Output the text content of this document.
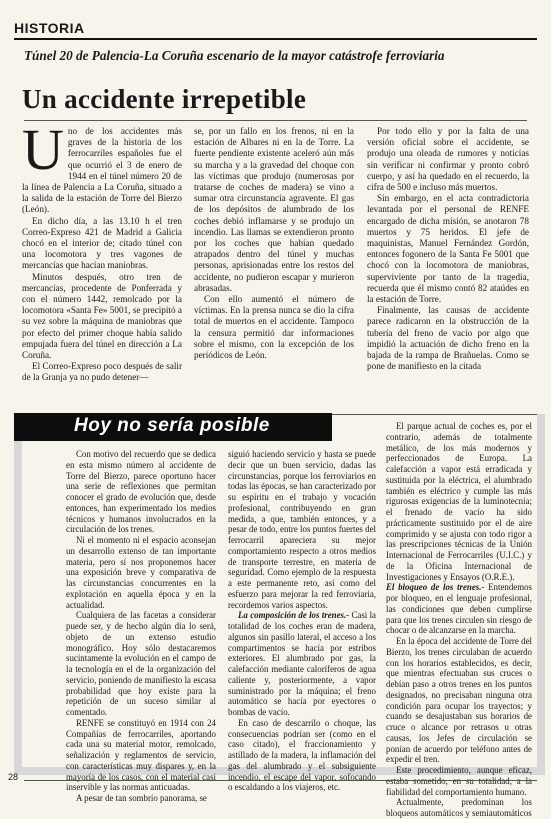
HISTORIA
Túnel 20 de Palencia-La Coruña escenario de la mayor catástrofe ferroviaria
Un accidente irrepetible
U no de los accidentes más graves de la historia de los ferrocarriles españoles fue el que ocurrió el 3 de enero de 1944 en el túnel número 20 de la línea de Palencia a La Coruña, situado a la salida de la estación de Torre del Bierzo (León).

En dicho día, a las 13.10 h el tren Correo-Expreso 421 de Madrid a Galicia chocó en el interior de; citado túnel con una locomotora y tres vagones de mercancías que hacían maniobras.

Minutos después, otro tren de mercancías, procedente de Ponferrada y con el número 1442, remolcado por la locomotora «Santa Fe» 5001, se precipitó a su vez sobre la máquina de maniobras que por efecto del primer choque había salido empujada fuera del túnel en dirección a La Coruña.

El Correo-Expreso poco después de salir de la Granja ya no pudo detener—

se, por un fallo en los frenos, ni en la estación de Albares ni en la de Torre. La fuerte pendiente existente aceleró aún más su marcha y a la gravedad del choque con las víctimas que produjo (numerosas por tratarse de coches de madera) se vino a sumar otra circunstancia agravente. El gas de los depósitos de alumbrado de los coches debió inflamarse y se produjo un incendio. Las llamas se extendieron pronto por los coches que habían quedado atrapados dentro del túnel y muchas personas, aprisionadas entre los restos del accidente, no pudieron escapar y murieron abrasadas.

Con ello aumentó el número de víctimas. En la prensa nunca se dio la cifra total de muertos en el accidente. Tampoco la censura permitió dar informaciones sobre el mismo, con la excepción de los periódicos de León.

Por todo ello y por la falta de una versión oficial sobre el accidente, se produjo una oleada de rumores y noticias sin verificar ni confirmar y pronto cobró cuerpo, y así ha quedado en el recuerdo, la cifra de 500 e incluso más muertos.

Sin embargo, en el acta contradictoria levantada por el personal de RENFE encargado de dicha misión, se anotaron 78 muertos y 75 heridos. El jefe de maquinistas, Manuel Fernández Gordón, entonces fogonero de la Santa Fe 5001 que chocó con la locomotora de maniobras, superviviente por tanto de la tragedia, recuerda que él mismo contó 82 ataúdes en la estación de Torre.

Finalmente, las causas de accidente parece radicaron en la obstrucción de la tubería del freno de vacío por algo que impidió la actuación de dicho freno en la bajada de la rampa de Brañuelas. Como se pone de manifiesto en la citada

Hoy no sería posible

Con motivo del recuerdo que se dedica en esta mismo número al accidente de Torre del Bierzo, parece oportuno hacer una serie de reflexiones que permitan conocer el grado de evolución que, desde entonces, han experimentado los medios técnicos y humanos involucrados en la circulación de los trenes.

Ni el momento ni el espacio aconsejan un desarrollo extenso de tan importante materia, pero sí nos proponemos hacer una exposición breve y comparativa de las circunstancias concurrentes en la explotación en aquella época y en la actualidad.

Cualquiera de las facetas a considerar puede ser, y de hecho algún día lo será, objeto de un extenso estudio monográfico. Hoy sólo destacaremos sucintamente la evolución en el campo de la tecnología en el de la organización del servicio, poniendo de manifiesto la escasa probabilidad que hoy existe para la repetición de un suceso similar al comentado.

RENFE se constituyó en 1914 con 24 Compañías de ferrocarriles, aportando cada una su material motor, remolcado, señalización y reglamentos de servicio, con características muy dispares y, en la mayoría de los casos, con el material casi inservible y las normas anticuadas.

A pesar de tan sombrío panorama, se

siguió haciendo servicio y hasta se puede decir que un buen servicio, dadas las circunstancias, porque los ferroviarios en todas las épocas, se han caracterizado por su espíritu en el trabajo y vocación profesional, contribuyendo en gran medida, a que, también entonces, y a pesar de todo, entre los puntos fuertes del ferrocarril apareciera su mejor comportamiento respecto a otros medios de transporte terrestre, en materia de seguridad. Como ejemplo de la respuesta a este permanente reto, así como del esfuerzo para mejorar la red ferroviaria, recordemos varios aspectos.

La composición de los trenes.- Casi la totalidad de los coches eran de madera, algunos sin pasillo lateral, el acceso a los compartimentos se hacía por estribos exteriores. El alumbrado por gas, la calefacción mediante caloríferos de agua caliente y, posteriormente, a vapor suministrado por la máquina; el freno automático se hacía por eyectores o bombas de vacío.

En caso de descarrilo o choque, las consecuencias podrían ser (como en el caso citado), el fraccionamiento y astillado de la madera, la inflamación del gas del alumbrado y el subsiguiente incendio, el escape del vapor, sofocando o escaldando a los viajeros, etc.

El parque actual de coches es, por el contrario, además de totalmente metálico, de los más modernos y perfeccionados de Europa. La calefacción a vapor está erradicada y sustituida por la eléctrica, el alumbrado también es eléctrico y cumple las más rigurosas exigencias de la luminotecnia; el frenado de vacío ha sido prácticamente sustituido por el de aire comprimido y se ajusta con todo rigor a las prescripciones técnicas de la Unión Internacional de Ferrocarriles (U.I.C.) y de la Oficina Internacional de Investigaciones y Ensayos (O.R.E.).

El bloqueo de los trenes.- Entendemos por bloqueo, en el lenguaje profesional, las condiciones que deben cumplirse para que los trenes circulen sin riesgo de chocar o de alcanzarse en la marcha.

En la época del accidente de Torre del Bierzo, los trenes circulaban de acuerdo con los horarios establecidos, es decir, que mientras efectuaban sus cruces o debían paso a otros trenes en los puntos designados, no precisaban ninguna otra condición para ocupar los trayectos; y cuando se desajustaban sus horarios de cruce o alcance por retrasos u otras causas, los Jefes de circulación se ponían de acuerdo por teléfono antes de expedir el tren.

Este procedimiento, aunque eficaz, estaba sometido, en su totalidad, a la fiabilidad del comportamiento humano.

Actualmente, predominan los bloqueos automáticos y semiautomáticos

28
